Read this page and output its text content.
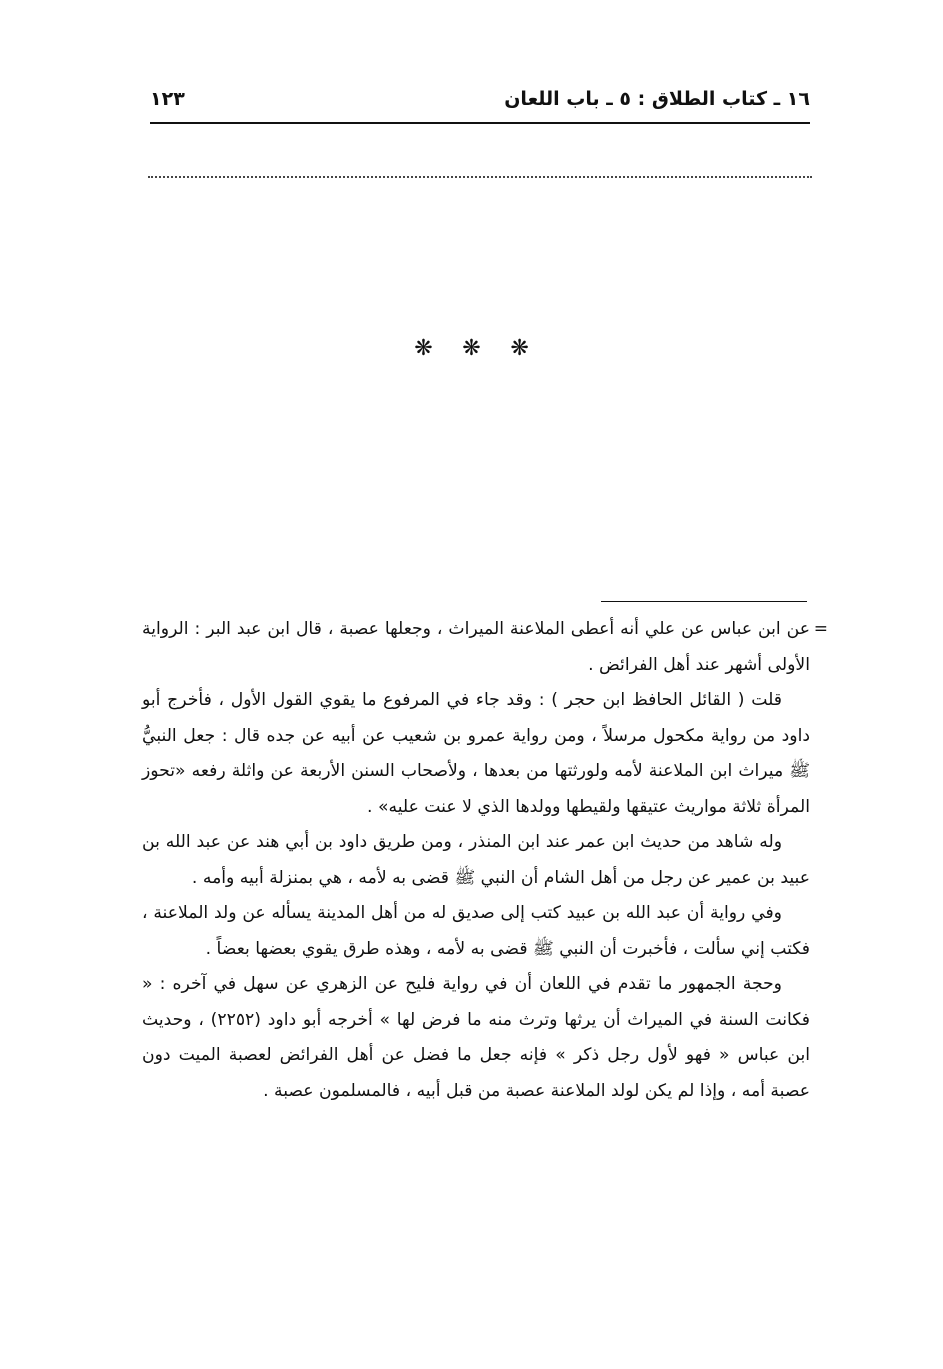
١٦ ـ كتاب الطلاق : ٥ ـ باب اللعان
١٢٣
❋ ❋ ❋
=

عن ابن عباس عن علي أنه أعطى الملاعنة الميراث ، وجعلها عصبة ، قال ابن عبد البر : الرواية الأولى أشهر عند أهل الفرائض .

قلت ( القائل الحافظ ابن حجر ) : وقد جاء في المرفوع ما يقوي القول الأول ، فأخرج أبو داود من رواية مكحول مرسلاً ، ومن رواية عمرو بن شعيب عن أبيه عن جده قال : جعل النبيُّ ﷺ ميراث ابن الملاعنة لأمه ولورثتها من بعدها ، ولأصحاب السنن الأربعة عن واثلة رفعه «تحوز المرأة ثلاثة مواريث عتيقها ولقيطها وولدها الذي لا عنت عليه» .

وله شاهد من حديث ابن عمر عند ابن المنذر ، ومن طريق داود بن أبي هند عن عبد الله بن عبيد بن عمير عن رجل من أهل الشام أن النبي ﷺ قضى به لأمه ، هي بمنزلة أبيه وأمه .

وفي رواية أن عبد الله بن عبيد كتب إلى صديق له من أهل المدينة يسأله عن ولد الملاعنة ، فكتب إني سألت ، فأخبرت أن النبي ﷺ قضى به لأمه ، وهذه طرق يقوي بعضها بعضاً .

وحجة الجمهور ما تقدم في اللعان أن في رواية فليح عن الزهري عن سهل في آخره : « فكانت السنة في الميراث أن يرثها وترث منه ما فرض لها » أخرجه أبو داود (٢٢٥٢) ، وحديث ابن عباس « فهو لأول رجل ذكر » فإنه جعل ما فضل عن أهل الفرائض لعصبة الميت دون عصبة أمه ، وإذا لم يكن لولد الملاعنة عصبة من قبل أبيه ، فالمسلمون عصبة .
